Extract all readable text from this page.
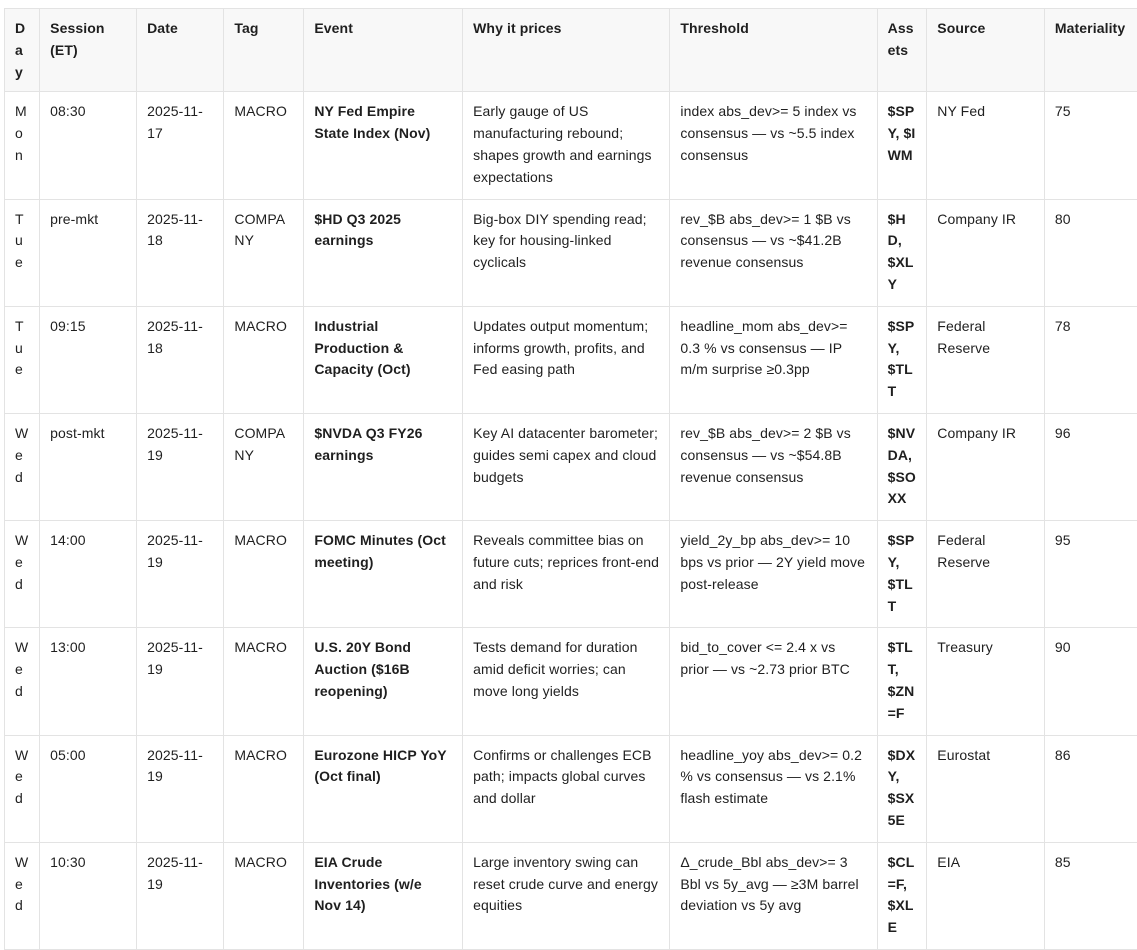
Day	Session (ET)	Date	Tag	Event	Why it prices	Threshold	Assets	Source	Materiality
Mon	08:30	2025-11-17	MACRO	NY Fed Empire State Index (Nov)	Early gauge of US manufacturing rebound; shapes growth and earnings expectations	index abs_dev>= 5 index vs consensus — vs ~5.5 index consensus	$SPY, $IWM	NY Fed	75
Tue	pre-mkt	2025-11-18	COMPANY	$HD Q3 2025 earnings	Big-box DIY spending read; key for housing-linked cyclicals	rev_$B abs_dev>= 1 $B vs consensus — vs ~$41.2B revenue consensus	$HD, $XLY	Company IR	80
Tue	09:15	2025-11-18	MACRO	Industrial Production & Capacity (Oct)	Updates output momentum; informs growth, profits, and Fed easing path	headline_mom abs_dev>= 0.3 % vs consensus — IP m/m surprise ≥0.3pp	$SPY, $TLT	Federal Reserve	78
Wed	post-mkt	2025-11-19	COMPANY	$NVDA Q3 FY26 earnings	Key AI datacenter barometer; guides semi capex and cloud budgets	rev_$B abs_dev>= 2 $B vs consensus — vs ~$54.8B revenue consensus	$NVDA, $SOXX	Company IR	96
Wed	14:00	2025-11-19	MACRO	FOMC Minutes (Oct meeting)	Reveals committee bias on future cuts; reprices front-end and risk	yield_2y_bp abs_dev>= 10 bps vs prior — 2Y yield move post-release	$SPY, $TLT	Federal Reserve	95
Wed	13:00	2025-11-19	MACRO	U.S. 20Y Bond Auction ($16B reopening)	Tests demand for duration amid deficit worries; can move long yields	bid_to_cover <= 2.4 x vs prior — vs ~2.73 prior BTC	$TLT, $ZN=F	Treasury	90
Wed	05:00	2025-11-19	MACRO	Eurozone HICP YoY (Oct final)	Confirms or challenges ECB path; impacts global curves and dollar	headline_yoy abs_dev>= 0.2 % vs consensus — vs 2.1% flash estimate	$DXY, $SX5E	Eurostat	86
Wed	10:30	2025-11-19	MACRO	EIA Crude Inventories (w/e Nov 14)	Large inventory swing can reset crude curve and energy equities	Δ_crude_Bbl abs_dev>= 3 Bbl vs 5y_avg — ≥3M barrel deviation vs 5y avg	$CL=F, $XLE	EIA	85
